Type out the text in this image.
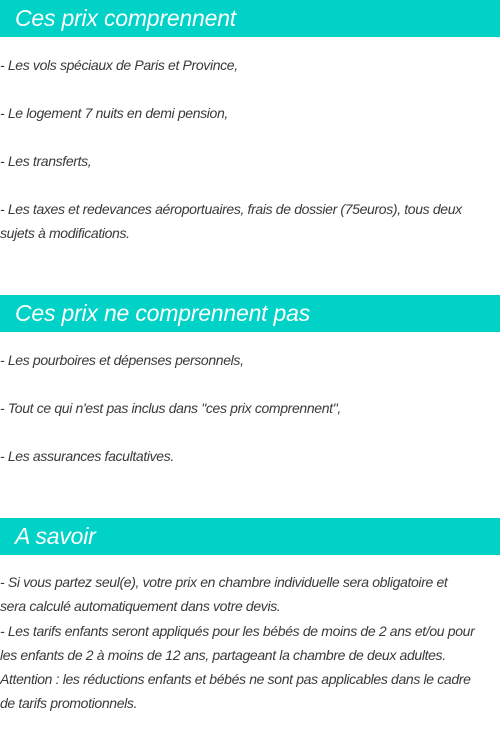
Ces prix comprennent
- Les vols spéciaux de Paris et Province,
- Le logement 7 nuits en demi pension,
- Les transferts,
- Les taxes et redevances aéroportuaires, frais de dossier (75euros), tous deux
sujets à modifications.
Ces prix ne comprennent pas
- Les pourboires et dépenses personnels,
- Tout ce qui n'est pas inclus dans "ces prix comprennent",
- Les assurances facultatives.
A savoir
- Si vous partez seul(e), votre prix en chambre individuelle sera obligatoire et
sera calculé automatiquement dans votre devis.
- Les tarifs enfants seront appliqués pour les bébés de moins de 2 ans et/ou pour
les enfants de 2 à moins de 12 ans, partageant la chambre de deux adultes.
Attention : les réductions enfants et bébés ne sont pas applicables dans le cadre
de tarifs promotionnels.
